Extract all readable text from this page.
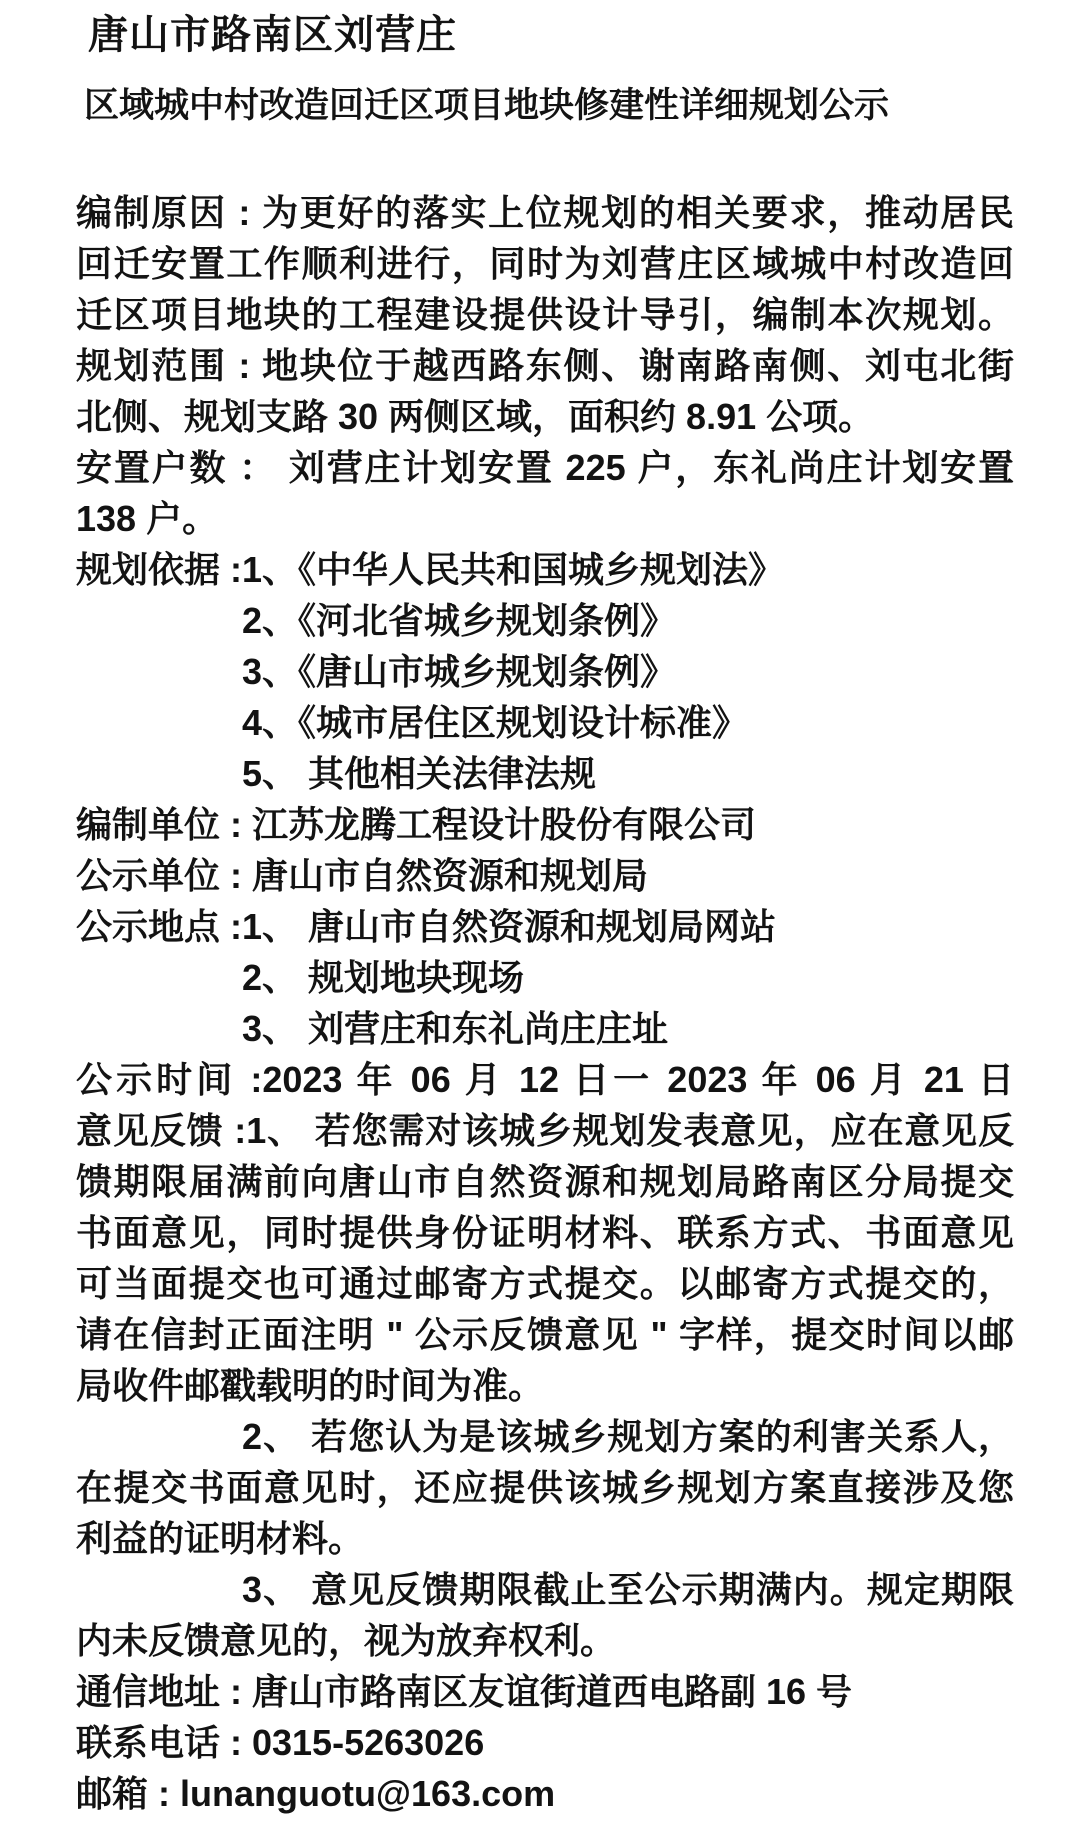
唐山市路南区刘营庄
区域城中村改造回迁区项目地块修建性详细规划公示
编制原因 : 为更好的落实上位规划的相关要求，推动居民
回迁安置工作顺利进行，同时为刘营庄区域城中村改造回
迁区项目地块的工程建设提供设计导引，编制本次规划。
规划范围 : 地块位于越西路东侧、谢南路南侧、刘屯北街
北侧、规划支路 30 两侧区域，面积约 8.91 公项。
安置户数 ： 刘营庄计划安置 225 户，东礼尚庄计划安置
138 户。
规划依据 :1、《中华人民共和国城乡规划法》
2、《河北省城乡规划条例》
3、《唐山市城乡规划条例》
4、《城市居住区规划设计标准》
5、 其他相关法律法规
编制单位 : 江苏龙腾工程设计股份有限公司
公示单位 : 唐山市自然资源和规划局
公示地点 :1、 唐山市自然资源和规划局网站
2、 规划地块现场
3、 刘营庄和东礼尚庄庄址
公示时间 :2023 年 06 月 12 日一 2023 年 06 月 21 日
意见反馈 :1、 若您需对该城乡规划发表意见，应在意见反
馈期限届满前向唐山市自然资源和规划局路南区分局提交
书面意见，同时提供身份证明材料、联系方式、书面意见
可当面提交也可通过邮寄方式提交。以邮寄方式提交的，
请在信封正面注明 " 公示反馈意见 " 字样，提交时间以邮
局收件邮戳载明的时间为准。
2、 若您认为是该城乡规划方案的利害关系人，
在提交书面意见时，还应提供该城乡规划方案直接涉及您
利益的证明材料。
3、 意见反馈期限截止至公示期满内。规定期限
内未反馈意见的，视为放弃权利。
通信地址 : 唐山市路南区友谊街道西电路副 16 号
联系电话 : 0315-5263026
邮箱 : lunanguotu@163.com
